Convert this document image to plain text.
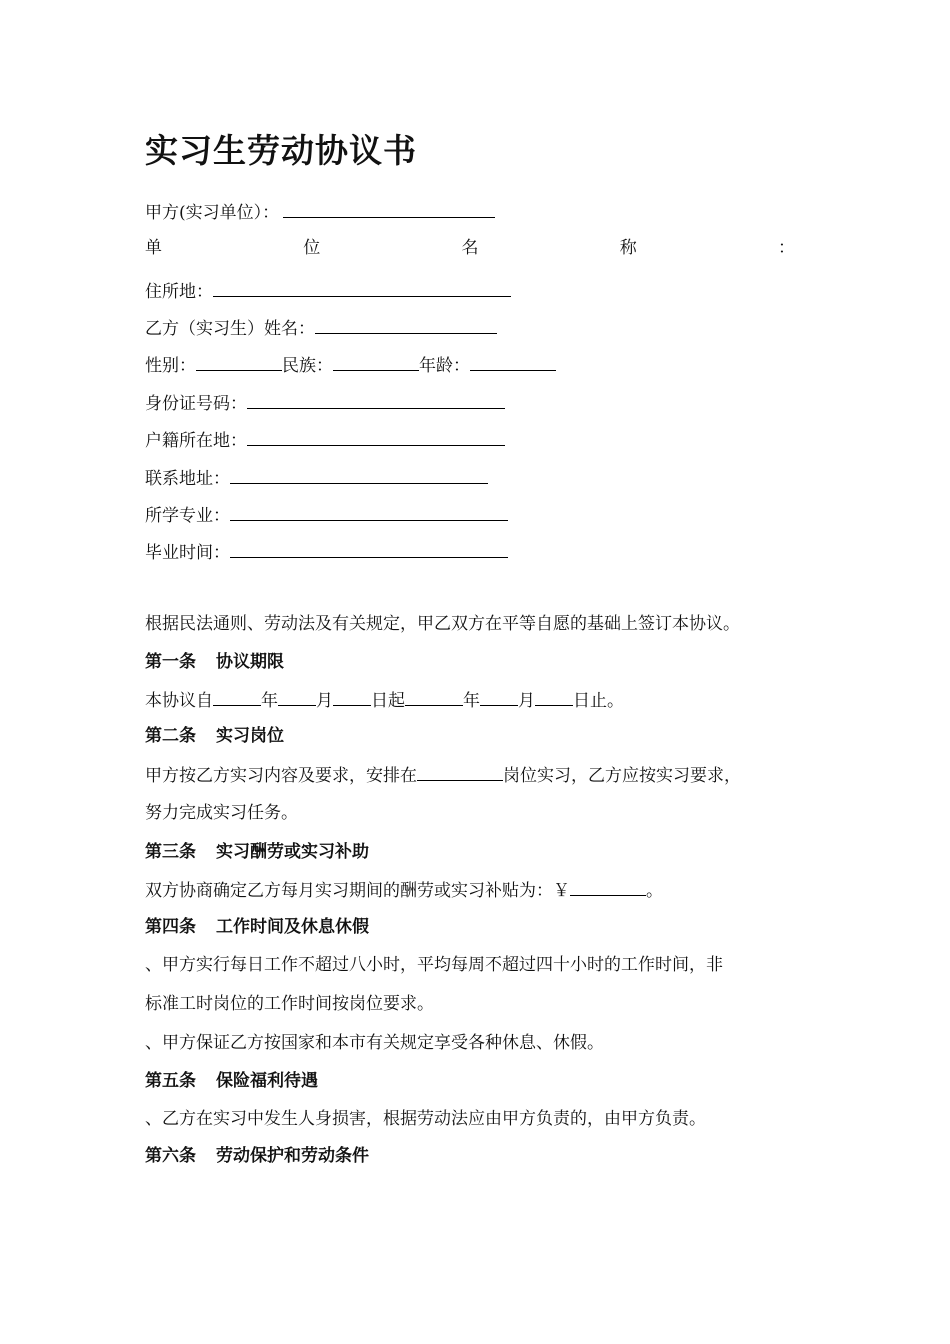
实习生劳动协议书
甲方(实习单位）：
单	位	名	称	：
住所地：
乙方（实习生）姓名：
性别：	民族：	年龄：
身份证号码：
户籍所在地：
联系地址：
所学专业：
毕业时间：
根据民法通则、劳动法及有关规定，甲乙双方在平等自愿的基础上签订本协议。
第一条 协议期限
本协议自	年 月 日起	年 月 日止。
第二条 实习岗位
甲方按乙方实习内容及要求，安排在	岗位实习，乙方应按实习要求，
努力完成实习任务。
第三条 实习酬劳或实习补助
双方协商确定乙方每月实习期间的酬劳或实习补贴为：￥	。
第四条 工作时间及休息休假
、甲方实行每日工作不超过八小时，平均每周不超过四十小时的工作时间，非
标准工时岗位的工作时间按岗位要求。
、甲方保证乙方按国家和本市有关规定享受各种休息、休假。
第五条 保险福利待遇
、乙方在实习中发生人身损害，根据劳动法应由甲方负责的，由甲方负责。
第六条 劳动保护和劳动条件
